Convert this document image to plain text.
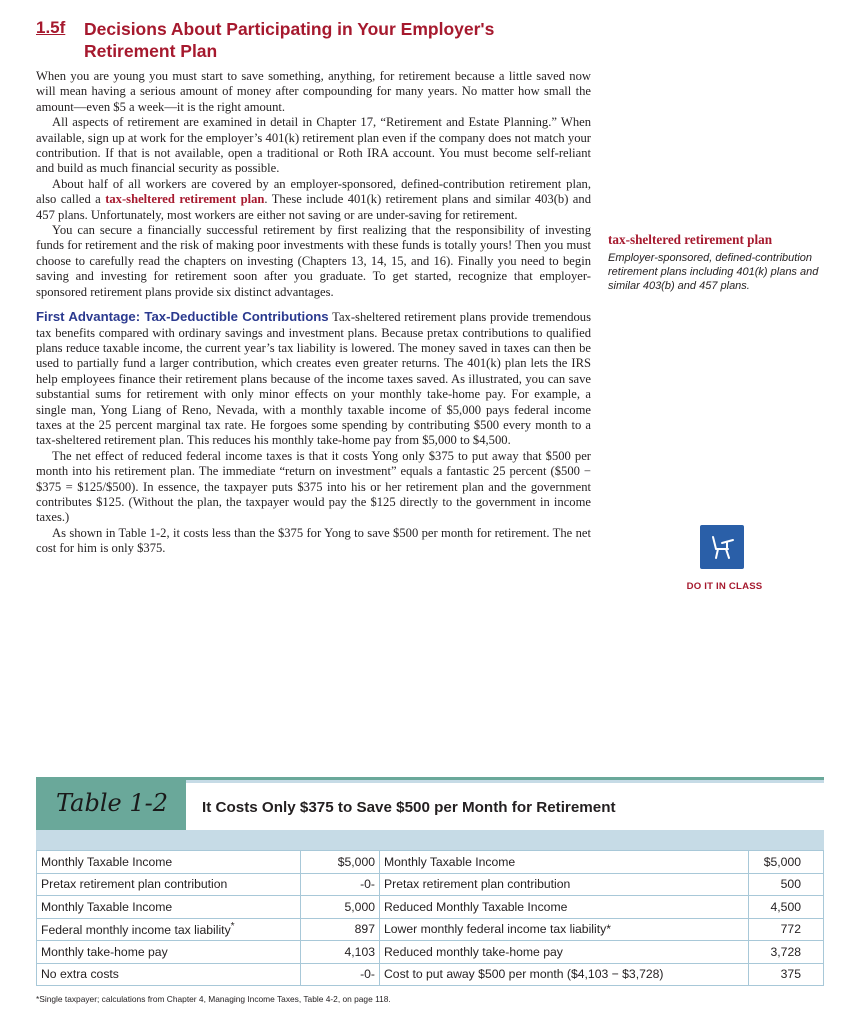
1.5f Decisions About Participating in Your Employer's Retirement Plan

When you are young you must start to save something, anything, for retirement because a little saved now will mean having a serious amount of money after compounding for many years. No matter how small the amount—even $5 a week—it is the right amount.

All aspects of retirement are examined in detail in Chapter 17, “Retirement and Estate Planning.” When available, sign up at work for the employer’s 401(k) retirement plan even if the company does not match your contribution. If that is not available, open a traditional or Roth IRA account. You must become self-reliant and build as much financial security as possible.

About half of all workers are covered by an employer-sponsored, defined-contribution retirement plan, also called a tax-sheltered retirement plan. These include 401(k) retirement plans and similar 403(b) and 457 plans. Unfortunately, most workers are either not saving or are under-saving for retirement.

You can secure a financially successful retirement by first realizing that the responsibility of investing funds for retirement and the risk of making poor investments with these funds is totally yours! Then you must choose to carefully read the chapters on investing (Chapters 13, 14, 15, and 16). Finally you need to begin saving and investing for retirement soon after you graduate. To get started, recognize that employer-sponsored retirement plans provide six distinct advantages.

First Advantage: Tax-Deductible Contributions Tax-sheltered retirement plans provide tremendous tax benefits compared with ordinary savings and investment plans. Because pretax contributions to qualified plans reduce taxable income, the current year’s tax liability is lowered. The money saved in taxes can then be used to partially fund a larger contribution, which creates even greater returns. The 401(k) plan lets the IRS help employees finance their retirement plans because of the income taxes saved. As illustrated, you can save substantial sums for retirement with only minor effects on your monthly take-home pay. For example, a single man, Yong Liang of Reno, Nevada, with a monthly taxable income of $5,000 pays federal income taxes at the 25 percent marginal tax rate. He forgoes some spending by contributing $500 every month to a tax-sheltered retirement plan. This reduces his monthly take-home pay from $5,000 to $4,500.

The net effect of reduced federal income taxes is that it costs Yong only $375 to put away that $500 per month into his retirement plan. The immediate “return on investment” equals a fantastic 25 percent ($500 − $375 = $125/$500). In essence, the taxpayer puts $375 into his or her retirement plan and the government contributes $125. (Without the plan, the taxpayer would pay the $125 directly to the government in income taxes.)

As shown in Table 1-2, it costs less than the $375 for Yong to save $500 per month for retirement. The net cost for him is only $375.

tax-sheltered retirement plan
Employer-sponsored, defined-contribution retirement plans including 401(k) plans and similar 403(b) and 457 plans.
DO IT IN CLASS
Table 1-2 It Costs Only $375 to Save $500 per Month for Retirement
Monthly Taxable Income	$5,000	Monthly Taxable Income	$5,000
Pretax retirement plan contribution	-0-	Pretax retirement plan contribution	500
Monthly Taxable Income	5,000	Reduced Monthly Taxable Income	4,500
Federal monthly income tax liability*	897	Lower monthly federal income tax liability*	772
Monthly take-home pay	4,103	Reduced monthly take-home pay	3,728
No extra costs	-0-	Cost to put away $500 per month ($4,103 − $3,728)	375
*Single taxpayer; calculations from Chapter 4, Managing Income Taxes, Table 4-2, on page 118.
